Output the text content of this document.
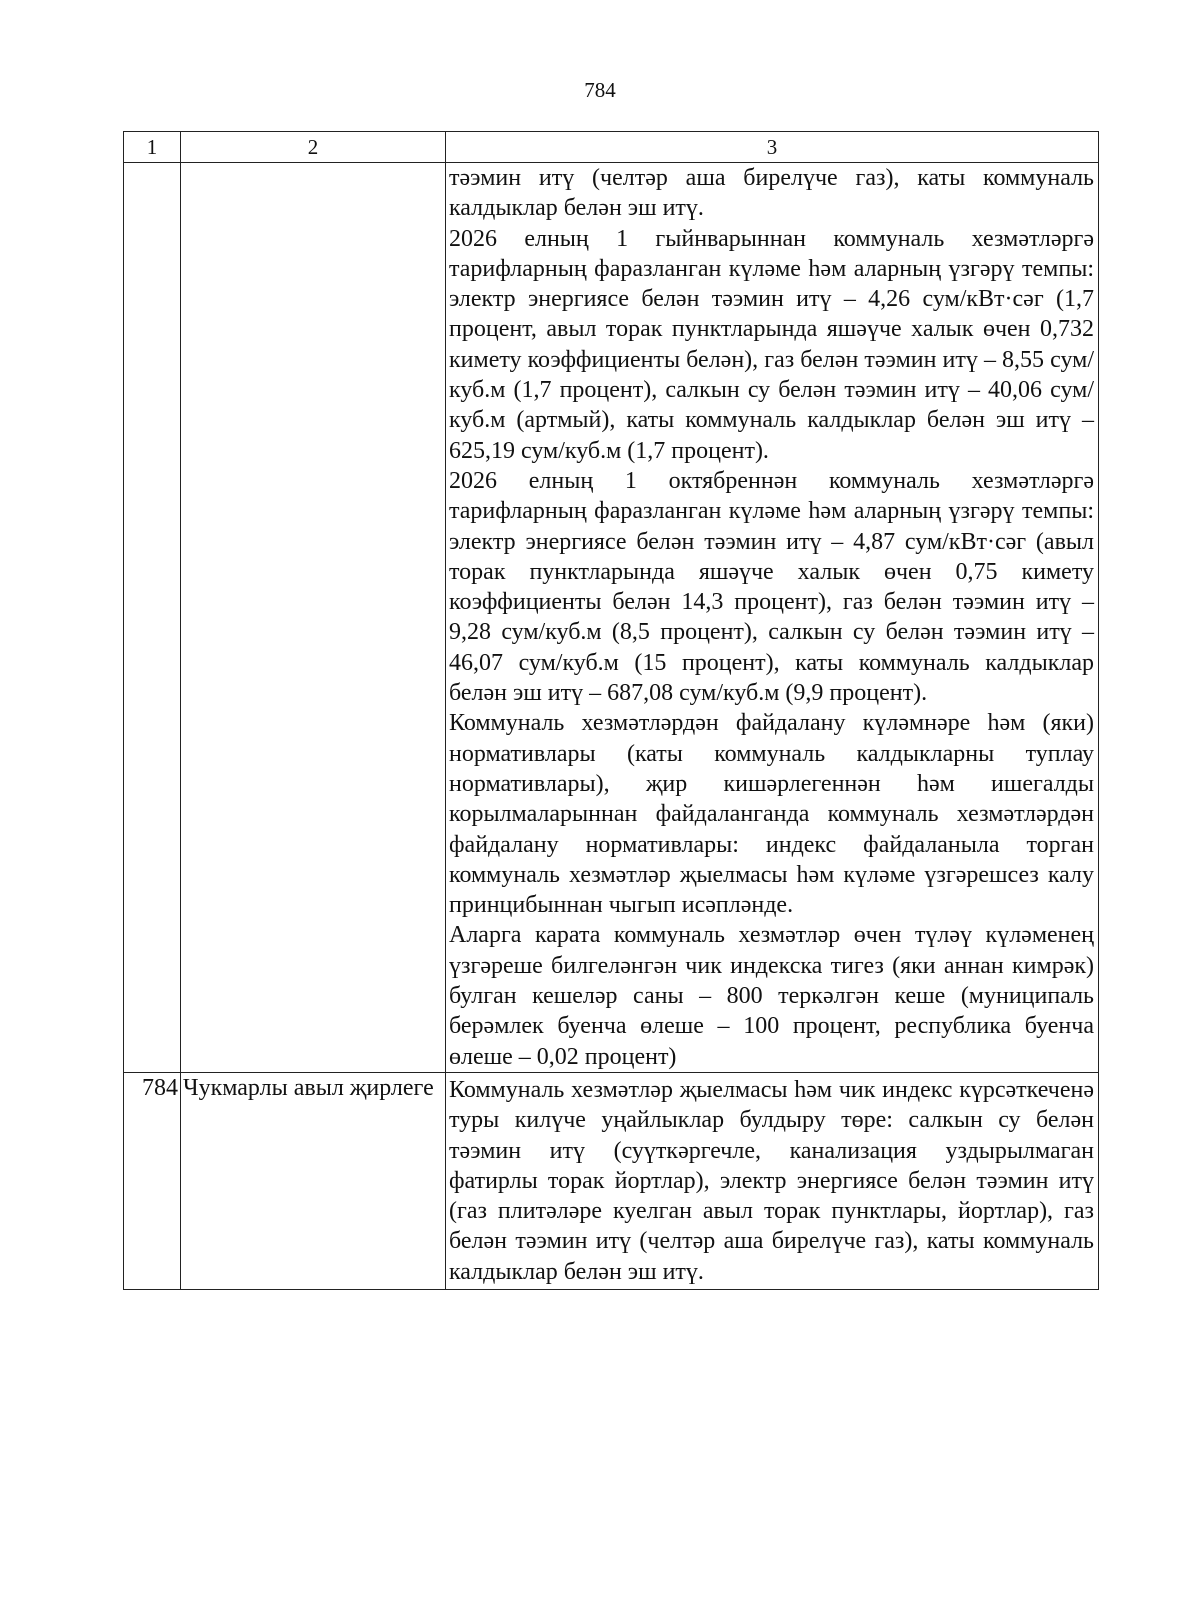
784
1	2	3

		тәэмин итү (челтәр аша бирелүче газ), каты коммуналь калдыклар белән эш итү.

2026 елның 1 гыйнварыннан коммуналь хезмәтләргә тарифларның фаразланган күләме һәм аларның үзгәрү темпы: электр энергиясе белән тәэмин итү – 4,26 сум/кВт·сәг (1,7 процент, авыл торак пунктларында яшәүче халык өчен 0,732 кимету коэффициенты белән), газ белән тәэмин итү – 8,55 сум/куб.м (1,7 процент), салкын су белән тәэмин итү – 40,06 сум/куб.м (артмый), каты коммуналь калдыклар белән эш итү – 625,19 сум/куб.м (1,7 процент).

2026 елның 1 октябреннән коммуналь хезмәтләргә тарифларның фаразланган күләме һәм аларның үзгәрү темпы: электр энергиясе белән тәэмин итү – 4,87 сум/кВт·сәг (авыл торак пунктларында яшәүче халык өчен 0,75 кимету коэффициенты белән 14,3 процент), газ белән тәэмин итү – 9,28 сум/куб.м (8,5 процент), салкын су белән тәэмин итү – 46,07 сум/куб.м (15 процент), каты коммуналь калдыклар белән эш итү – 687,08 сум/куб.м (9,9 процент).

Коммуналь хезмәтләрдән файдалану күләмнәре һәм (яки) нормативлары (каты коммуналь калдыкларны туплау нормативлары), җир кишәрлегеннән һәм ишегалды корылмаларыннан файдаланганда коммуналь хезмәтләрдән файдалану нормативлары: индекс файдаланыла торган коммуналь хезмәтләр җыелмасы һәм күләме үзгәрешсез калу принцибыннан чыгып исәпләнде.

Аларга карата коммуналь хезмәтләр өчен түләү күләменең үзгәреше билгеләнгән чик индекска тигез (яки аннан кимрәк) булган кешеләр саны – 800 теркәлгән кеше (муниципаль берәмлек буенча өлеше – 100 процент, республика буенча өлеше – 0,02 процент)

784	Чукмарлы авыл җирлеге	Коммуналь хезмәтләр җыелмасы һәм чик индекс күрсәткеченә туры килүче уңайлыклар булдыру төре: салкын су белән тәэмин итү (суүткәргечле, канализация уздырылмаган фатирлы торак йортлар), электр энергиясе белән тәэмин итү (газ плитәләре куелган авыл торак пунктлары, йортлар), газ белән тәэмин итү (челтәр аша бирелүче газ), каты коммуналь калдыклар белән эш итү.
